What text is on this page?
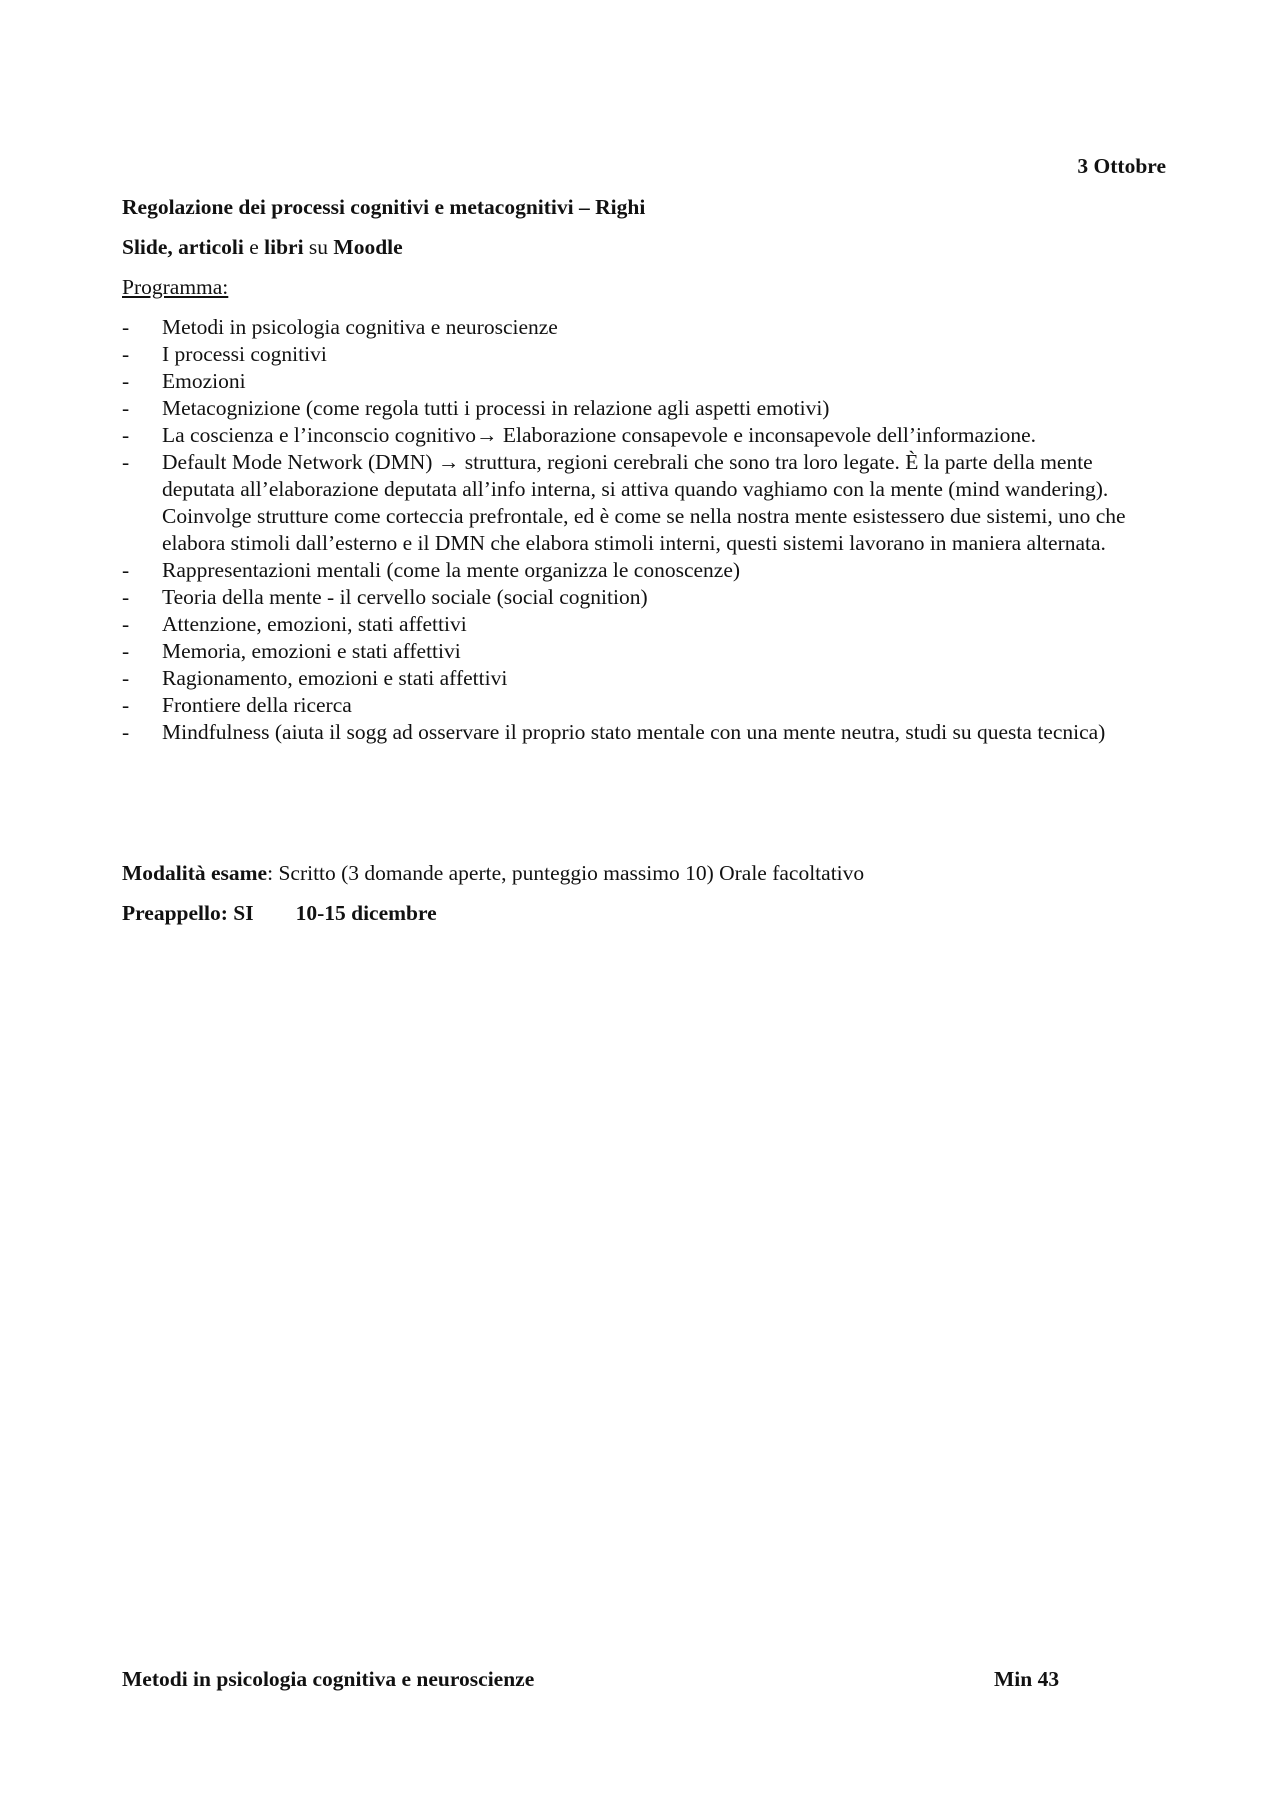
3 Ottobre

Regolazione dei processi cognitivi e metacognitivi – Righi

Slide, articoli e libri su Moodle

Programma:

- Metodi in psicologia cognitiva e neuroscienze
- I processi cognitivi
- Emozioni
- Metacognizione (come regola tutti i processi in relazione agli aspetti emotivi)
- La coscienza e l’inconscio cognitivo→ Elaborazione consapevole e inconsapevole dell’informazione.
- Default Mode Network (DMN) → struttura, regioni cerebrali che sono tra loro legate. È la parte della mente deputata all’elaborazione deputata all’info interna, si attiva quando vaghiamo con la mente (mind wandering). Coinvolge strutture come corteccia prefrontale, ed è come se nella nostra mente esistessero due sistemi, uno che elabora stimoli dall’esterno e il DMN che elabora stimoli interni, questi sistemi lavorano in maniera alternata.
- Rappresentazioni mentali (come la mente organizza le conoscenze)
- Teoria della mente - il cervello sociale (social cognition)
- Attenzione, emozioni, stati affettivi
- Memoria, emozioni e stati affettivi
- Ragionamento, emozioni e stati affettivi
- Frontiere della ricerca
- Mindfulness (aiuta il sogg ad osservare il proprio stato mentale con una mente neutra, studi su questa tecnica)

Modalità esame: Scritto (3 domande aperte, punteggio massimo 10) Orale facoltativo

Preappello: SI 10-15 dicembre

Metodi in psicologia cognitiva e neuroscienze	Min 43
